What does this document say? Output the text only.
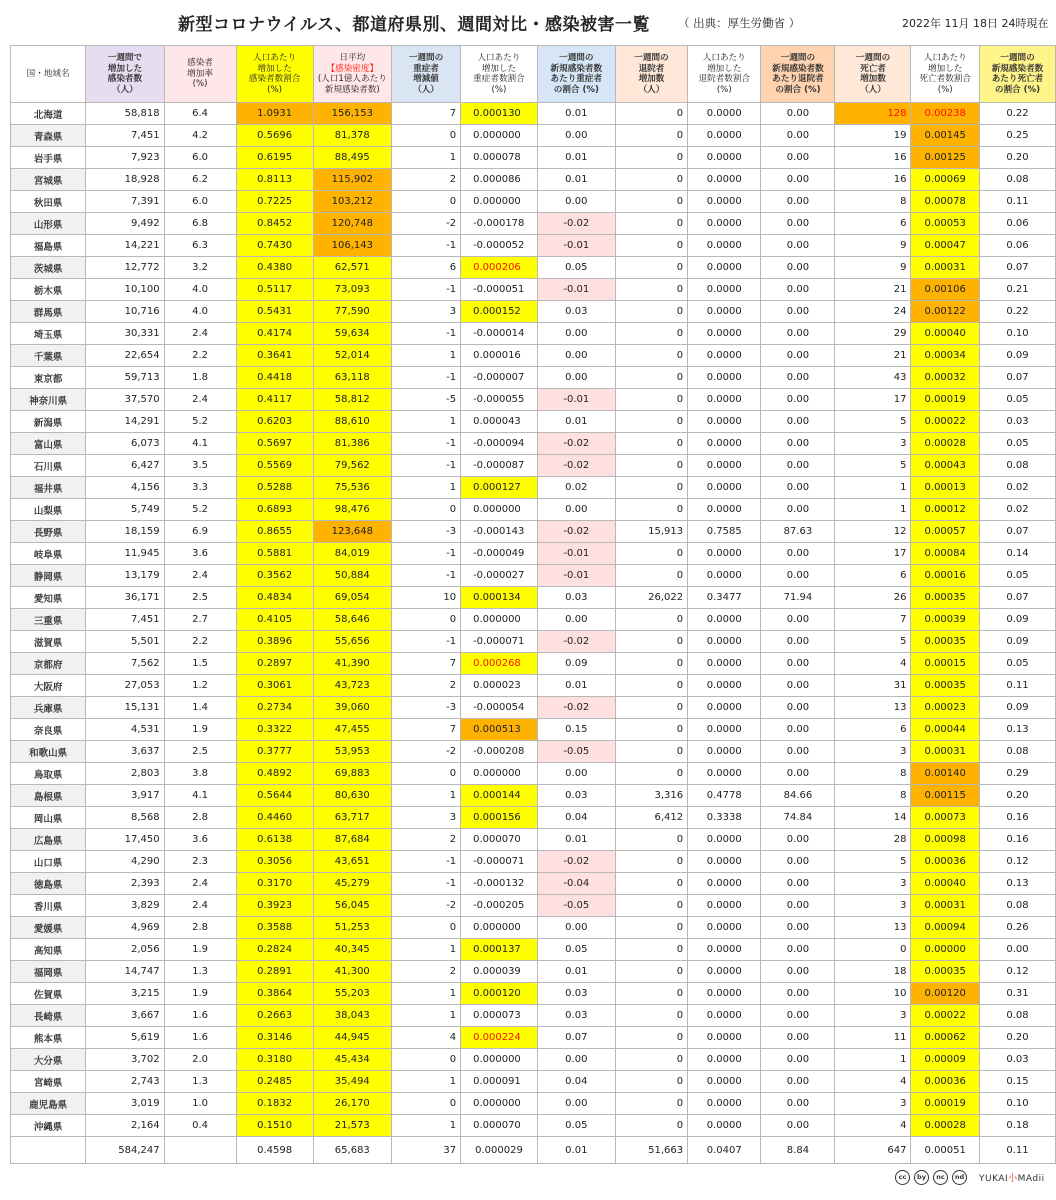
新型コロナウイルス、都道府県別、週間対比・感染被害一覧 （ 出典：厚生労働省 ）	2022年 11月 18日 24時現在
国・地域名	一週間で
増加した
感染者数
（人）	感染者
増加率
(%)	人口あたり
増加した
感染者数割合
(%)	日平均
【感染密度】
(人口1億人あたり
新規感染者数)	一週間の
重症者
増減値
（人）	人口あたり
増加した
重症者数割合
(%)	一週間の
新規感染者数
あたり重症者
の割合 (%)	一週間の
退院者
増加数
（人）	人口あたり
増加した
退院者数割合
(%)	一週間の
新規感染者数
あたり退院者
の割合 (%)	一週間の
死亡者
増加数
（人）	人口あたり
増加した
死亡者数割合
(%)	一週間の
新規感染者数
あたり死亡者
の割合 (%)
北海道	58,818	6.4	1.0931	156,153	7	0.000130	0.01	0	0.0000	0.00	128	0.00238	0.22
青森県	7,451	4.2	0.5696	81,378	0	0.000000	0.00	0	0.0000	0.00	19	0.00145	0.25
岩手県	7,923	6.0	0.6195	88,495	1	0.000078	0.01	0	0.0000	0.00	16	0.00125	0.20
宮城県	18,928	6.2	0.8113	115,902	2	0.000086	0.01	0	0.0000	0.00	16	0.00069	0.08
秋田県	7,391	6.0	0.7225	103,212	0	0.000000	0.00	0	0.0000	0.00	8	0.00078	0.11
山形県	9,492	6.8	0.8452	120,748	-2	-0.000178	-0.02	0	0.0000	0.00	6	0.00053	0.06
福島県	14,221	6.3	0.7430	106,143	-1	-0.000052	-0.01	0	0.0000	0.00	9	0.00047	0.06
茨城県	12,772	3.2	0.4380	62,571	6	0.000206	0.05	0	0.0000	0.00	9	0.00031	0.07
栃木県	10,100	4.0	0.5117	73,093	-1	-0.000051	-0.01	0	0.0000	0.00	21	0.00106	0.21
群馬県	10,716	4.0	0.5431	77,590	3	0.000152	0.03	0	0.0000	0.00	24	0.00122	0.22
埼玉県	30,331	2.4	0.4174	59,634	-1	-0.000014	0.00	0	0.0000	0.00	29	0.00040	0.10
千葉県	22,654	2.2	0.3641	52,014	1	0.000016	0.00	0	0.0000	0.00	21	0.00034	0.09
東京都	59,713	1.8	0.4418	63,118	-1	-0.000007	0.00	0	0.0000	0.00	43	0.00032	0.07
神奈川県	37,570	2.4	0.4117	58,812	-5	-0.000055	-0.01	0	0.0000	0.00	17	0.00019	0.05
新潟県	14,291	5.2	0.6203	88,610	1	0.000043	0.01	0	0.0000	0.00	5	0.00022	0.03
富山県	6,073	4.1	0.5697	81,386	-1	-0.000094	-0.02	0	0.0000	0.00	3	0.00028	0.05
石川県	6,427	3.5	0.5569	79,562	-1	-0.000087	-0.02	0	0.0000	0.00	5	0.00043	0.08
福井県	4,156	3.3	0.5288	75,536	1	0.000127	0.02	0	0.0000	0.00	1	0.00013	0.02
山梨県	5,749	5.2	0.6893	98,476	0	0.000000	0.00	0	0.0000	0.00	1	0.00012	0.02
長野県	18,159	6.9	0.8655	123,648	-3	-0.000143	-0.02	15,913	0.7585	87.63	12	0.00057	0.07
岐阜県	11,945	3.6	0.5881	84,019	-1	-0.000049	-0.01	0	0.0000	0.00	17	0.00084	0.14
静岡県	13,179	2.4	0.3562	50,884	-1	-0.000027	-0.01	0	0.0000	0.00	6	0.00016	0.05
愛知県	36,171	2.5	0.4834	69,054	10	0.000134	0.03	26,022	0.3477	71.94	26	0.00035	0.07
三重県	7,451	2.7	0.4105	58,646	0	0.000000	0.00	0	0.0000	0.00	7	0.00039	0.09
滋賀県	5,501	2.2	0.3896	55,656	-1	-0.000071	-0.02	0	0.0000	0.00	5	0.00035	0.09
京都府	7,562	1.5	0.2897	41,390	7	0.000268	0.09	0	0.0000	0.00	4	0.00015	0.05
大阪府	27,053	1.2	0.3061	43,723	2	0.000023	0.01	0	0.0000	0.00	31	0.00035	0.11
兵庫県	15,131	1.4	0.2734	39,060	-3	-0.000054	-0.02	0	0.0000	0.00	13	0.00023	0.09
奈良県	4,531	1.9	0.3322	47,455	7	0.000513	0.15	0	0.0000	0.00	6	0.00044	0.13
和歌山県	3,637	2.5	0.3777	53,953	-2	-0.000208	-0.05	0	0.0000	0.00	3	0.00031	0.08
鳥取県	2,803	3.8	0.4892	69,883	0	0.000000	0.00	0	0.0000	0.00	8	0.00140	0.29
島根県	3,917	4.1	0.5644	80,630	1	0.000144	0.03	3,316	0.4778	84.66	8	0.00115	0.20
岡山県	8,568	2.8	0.4460	63,717	3	0.000156	0.04	6,412	0.3338	74.84	14	0.00073	0.16
広島県	17,450	3.6	0.6138	87,684	2	0.000070	0.01	0	0.0000	0.00	28	0.00098	0.16
山口県	4,290	2.3	0.3056	43,651	-1	-0.000071	-0.02	0	0.0000	0.00	5	0.00036	0.12
徳島県	2,393	2.4	0.3170	45,279	-1	-0.000132	-0.04	0	0.0000	0.00	3	0.00040	0.13
香川県	3,829	2.4	0.3923	56,045	-2	-0.000205	-0.05	0	0.0000	0.00	3	0.00031	0.08
愛媛県	4,969	2.8	0.3588	51,253	0	0.000000	0.00	0	0.0000	0.00	13	0.00094	0.26
高知県	2,056	1.9	0.2824	40,345	1	0.000137	0.05	0	0.0000	0.00	0	0.00000	0.00
福岡県	14,747	1.3	0.2891	41,300	2	0.000039	0.01	0	0.0000	0.00	18	0.00035	0.12
佐賀県	3,215	1.9	0.3864	55,203	1	0.000120	0.03	0	0.0000	0.00	10	0.00120	0.31
長崎県	3,667	1.6	0.2663	38,043	1	0.000073	0.03	0	0.0000	0.00	3	0.00022	0.08
熊本県	5,619	1.6	0.3146	44,945	4	0.000224	0.07	0	0.0000	0.00	11	0.00062	0.20
大分県	3,702	2.0	0.3180	45,434	0	0.000000	0.00	0	0.0000	0.00	1	0.00009	0.03
宮崎県	2,743	1.3	0.2485	35,494	1	0.000091	0.04	0	0.0000	0.00	4	0.00036	0.15
鹿児島県	3,019	1.0	0.1832	26,170	0	0.000000	0.00	0	0.0000	0.00	3	0.00019	0.10
沖縄県	2,164	0.4	0.1510	21,573	1	0.000070	0.05	0	0.0000	0.00	4	0.00028	0.18
	584,247		0.4598	65,683	37	0.000029	0.01	51,663	0.0407	8.84	647	0.00051	0.11
cc	by	nc	nd	YUKAI小MAdii
